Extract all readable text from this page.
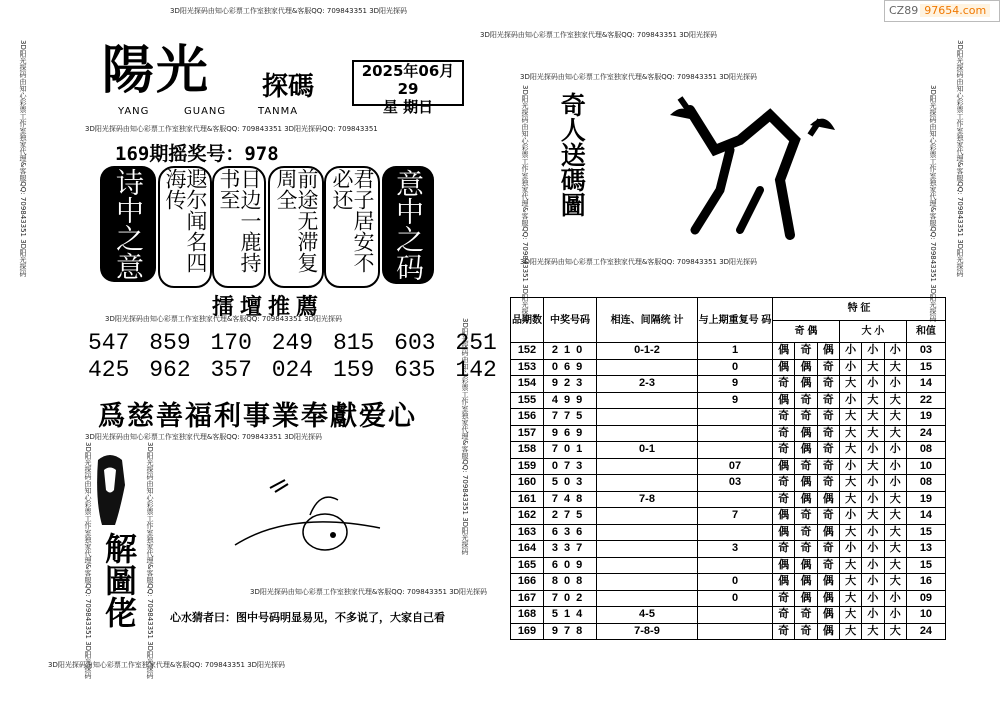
CZ89 97654.com
3D阳光探码由知心彩票工作室独家代理&客服QQ: 709843351 3D阳光探码
3D阳光探码由知心彩票工作室独家代理&客服QQ: 709843351 3D阳光探码
3D阳光探码由知心彩票工作室独家代理&客服QQ: 709843351 3D阳光探码QQ: 709843351
3D阳光探码由知心彩票工作室独家代理&客服QQ: 709843351 3D阳光探码
3D阳光探码由知心彩票工作室独家代理&客服QQ: 709843351 3D阳光探码
3D阳光探码由知心彩票工作室独家代理&客服QQ: 709843351 3D阳光探码
3D阳光探码由知心彩票工作室独家代理&客服QQ: 709843351 3D阳光探码
3D阳光探码由知心彩票工作室独家代理&客服QQ: 709843351 3D阳光探码
3D阳光探码由知心彩票工作室独家代理&客服QQ: 709843351 3D阳光探码
3D阳光探码由知心彩票工作室独家代理&客服QQ: 709843351 3D阳光探码	3D阳光探码由知心彩票工作室独家代理&客服QQ: 709843351 3D阳光探码
3D阳光探码由知心彩票工作室独家代理&客服QQ: 709843351 3D阳光探码	3D阳光探码由知心彩票工作室独家代理&客服QQ: 709843351 3D阳光探码
3D阳光探码由知心彩票工作室独家代理&客服QQ: 709843351 3D阳光探码	3D阳光探码由知心彩票工作室独家代理&客服QQ: 709843351 3D阳光探码
3D阳光探码由知心彩票工作室独家代理&客服QQ: 709843351 3D阳光探码
陽光 探碼
YANG	GUANG	TANMA
2025年06月29
星 期日
169期摇奖号：978
诗中之意	遐尔闻名四海传	日边一鹿持书至	前途无滞复周全	君子居安不必还	意中之码
擂壇推薦
547 859 170 249 815 603 251
425 962 357 024 159 635 142
爲慈善福利事業奉獻爱心
解圖佬	心水猜者曰：图中号码明显易见，不多说了，大家自己看
奇人送碼圖
品期数	中奖号码	相连、间隔统 计	与上期重复号 码	特 征						
				奇 偶			大 小			和值
152	210	0-1-2	1	偶	奇	偶	小	小	小	03
153	069		0	偶	偶	奇	小	大	大	15
154	923	2-3	9	奇	偶	奇	大	小	小	14
155	499		9	偶	奇	奇	小	大	大	22
156	775			奇	奇	奇	大	大	大	19
157	969			奇	偶	奇	大	大	大	24
158	701	0-1		奇	偶	奇	大	小	小	08
159	073		07	偶	奇	奇	小	大	小	10
160	503		03	奇	偶	奇	大	小	小	08
161	748	7-8		奇	偶	偶	大	小	大	19
162	275		7	偶	奇	奇	小	大	大	14
163	636			偶	奇	偶	大	小	大	15
164	337		3	奇	奇	奇	小	小	大	13
165	609			偶	偶	奇	大	小	大	15
166	808		0	偶	偶	偶	大	小	大	16
167	702		0	奇	偶	偶	大	小	小	09
168	514	4-5		奇	奇	偶	大	小	小	10
169	978	7-8-9		奇	奇	偶	大	大	大	24
